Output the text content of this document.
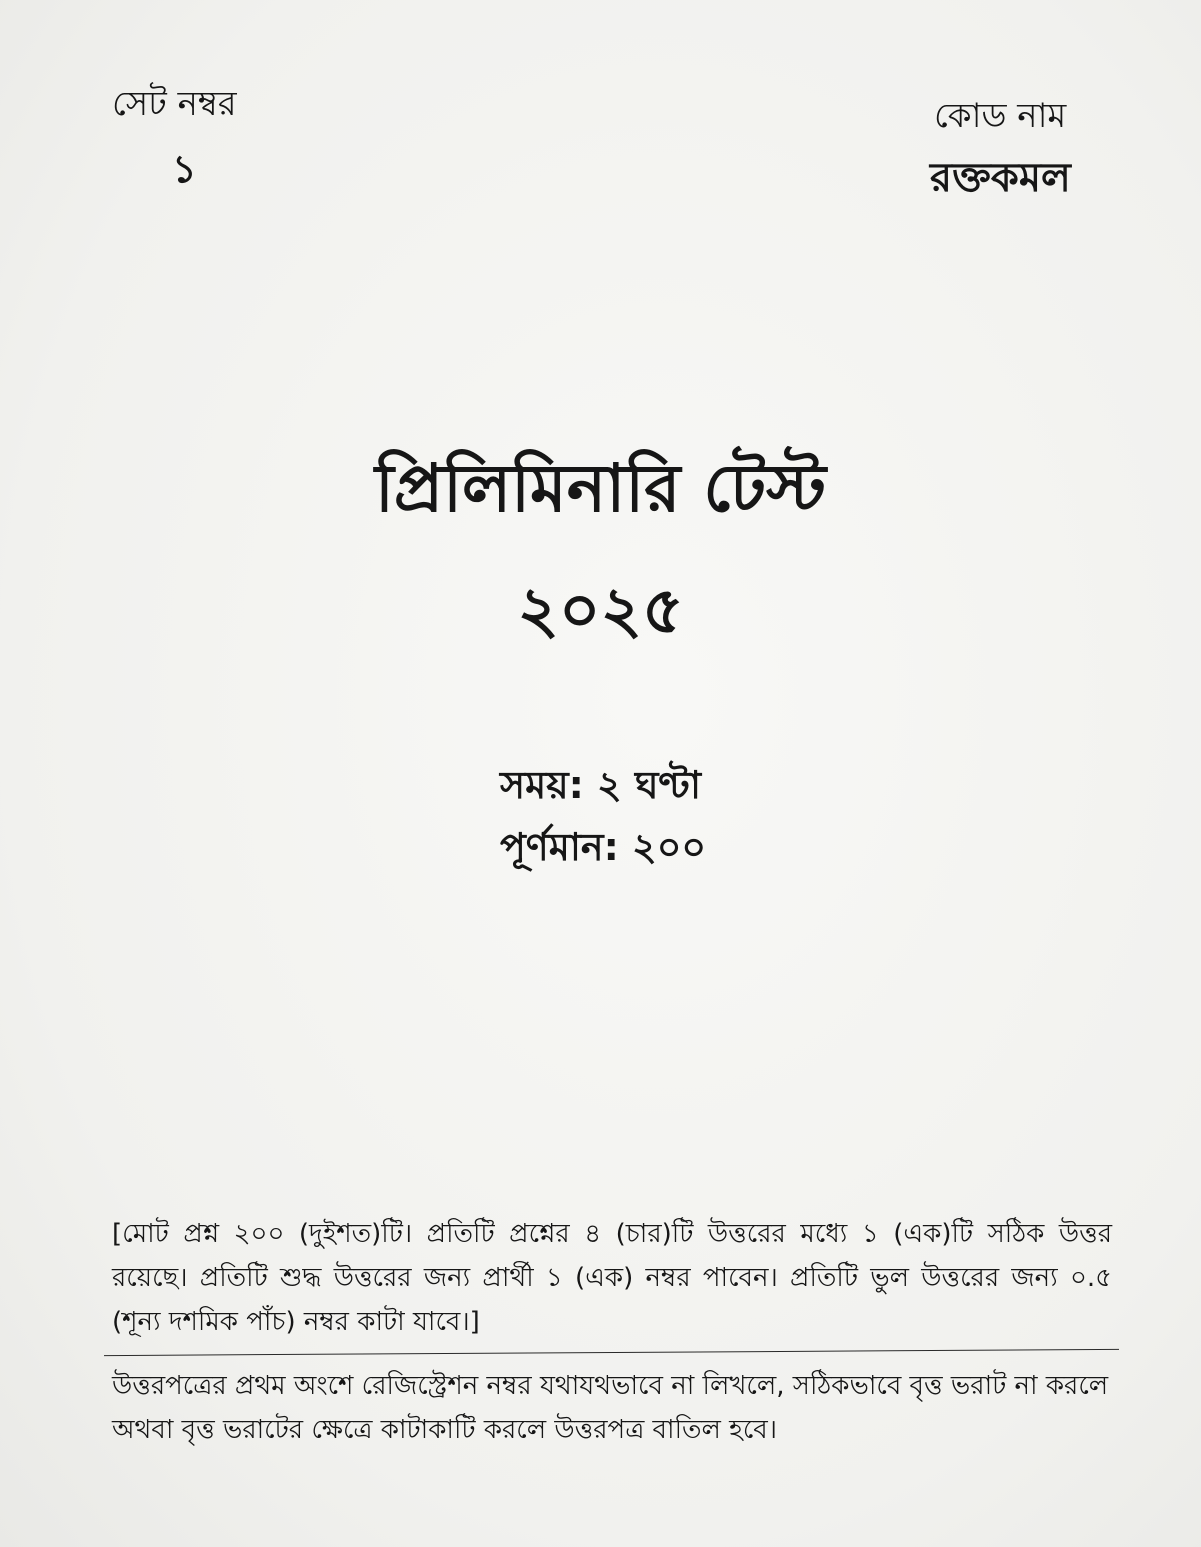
সেট নম্বর
১
কোড নাম
রক্তকমল
প্রিলিমিনারি টেস্ট
২০২৫
সময়: ২ ঘণ্টা
পূর্ণমান: ২০০
[মোট প্রশ্ন ২০০ (দুইশত)টি। প্রতিটি প্রশ্নের ৪ (চার)টি উত্তরের মধ্যে ১ (এক)টি সঠিক উত্তর রয়েছে। প্রতিটি শুদ্ধ উত্তরের জন্য প্রার্থী ১ (এক) নম্বর পাবেন। প্রতিটি ভুল উত্তরের জন্য ০.৫ (শূন্য দশমিক পাঁচ) নম্বর কাটা যাবে।]
উত্তরপত্রের প্রথম অংশে রেজিস্ট্রেশন নম্বর যথাযথভাবে না লিখলে, সঠিকভাবে বৃত্ত ভরাট না করলে অথবা বৃত্ত ভরাটের ক্ষেত্রে কাটাকাটি করলে উত্তরপত্র বাতিল হবে।
